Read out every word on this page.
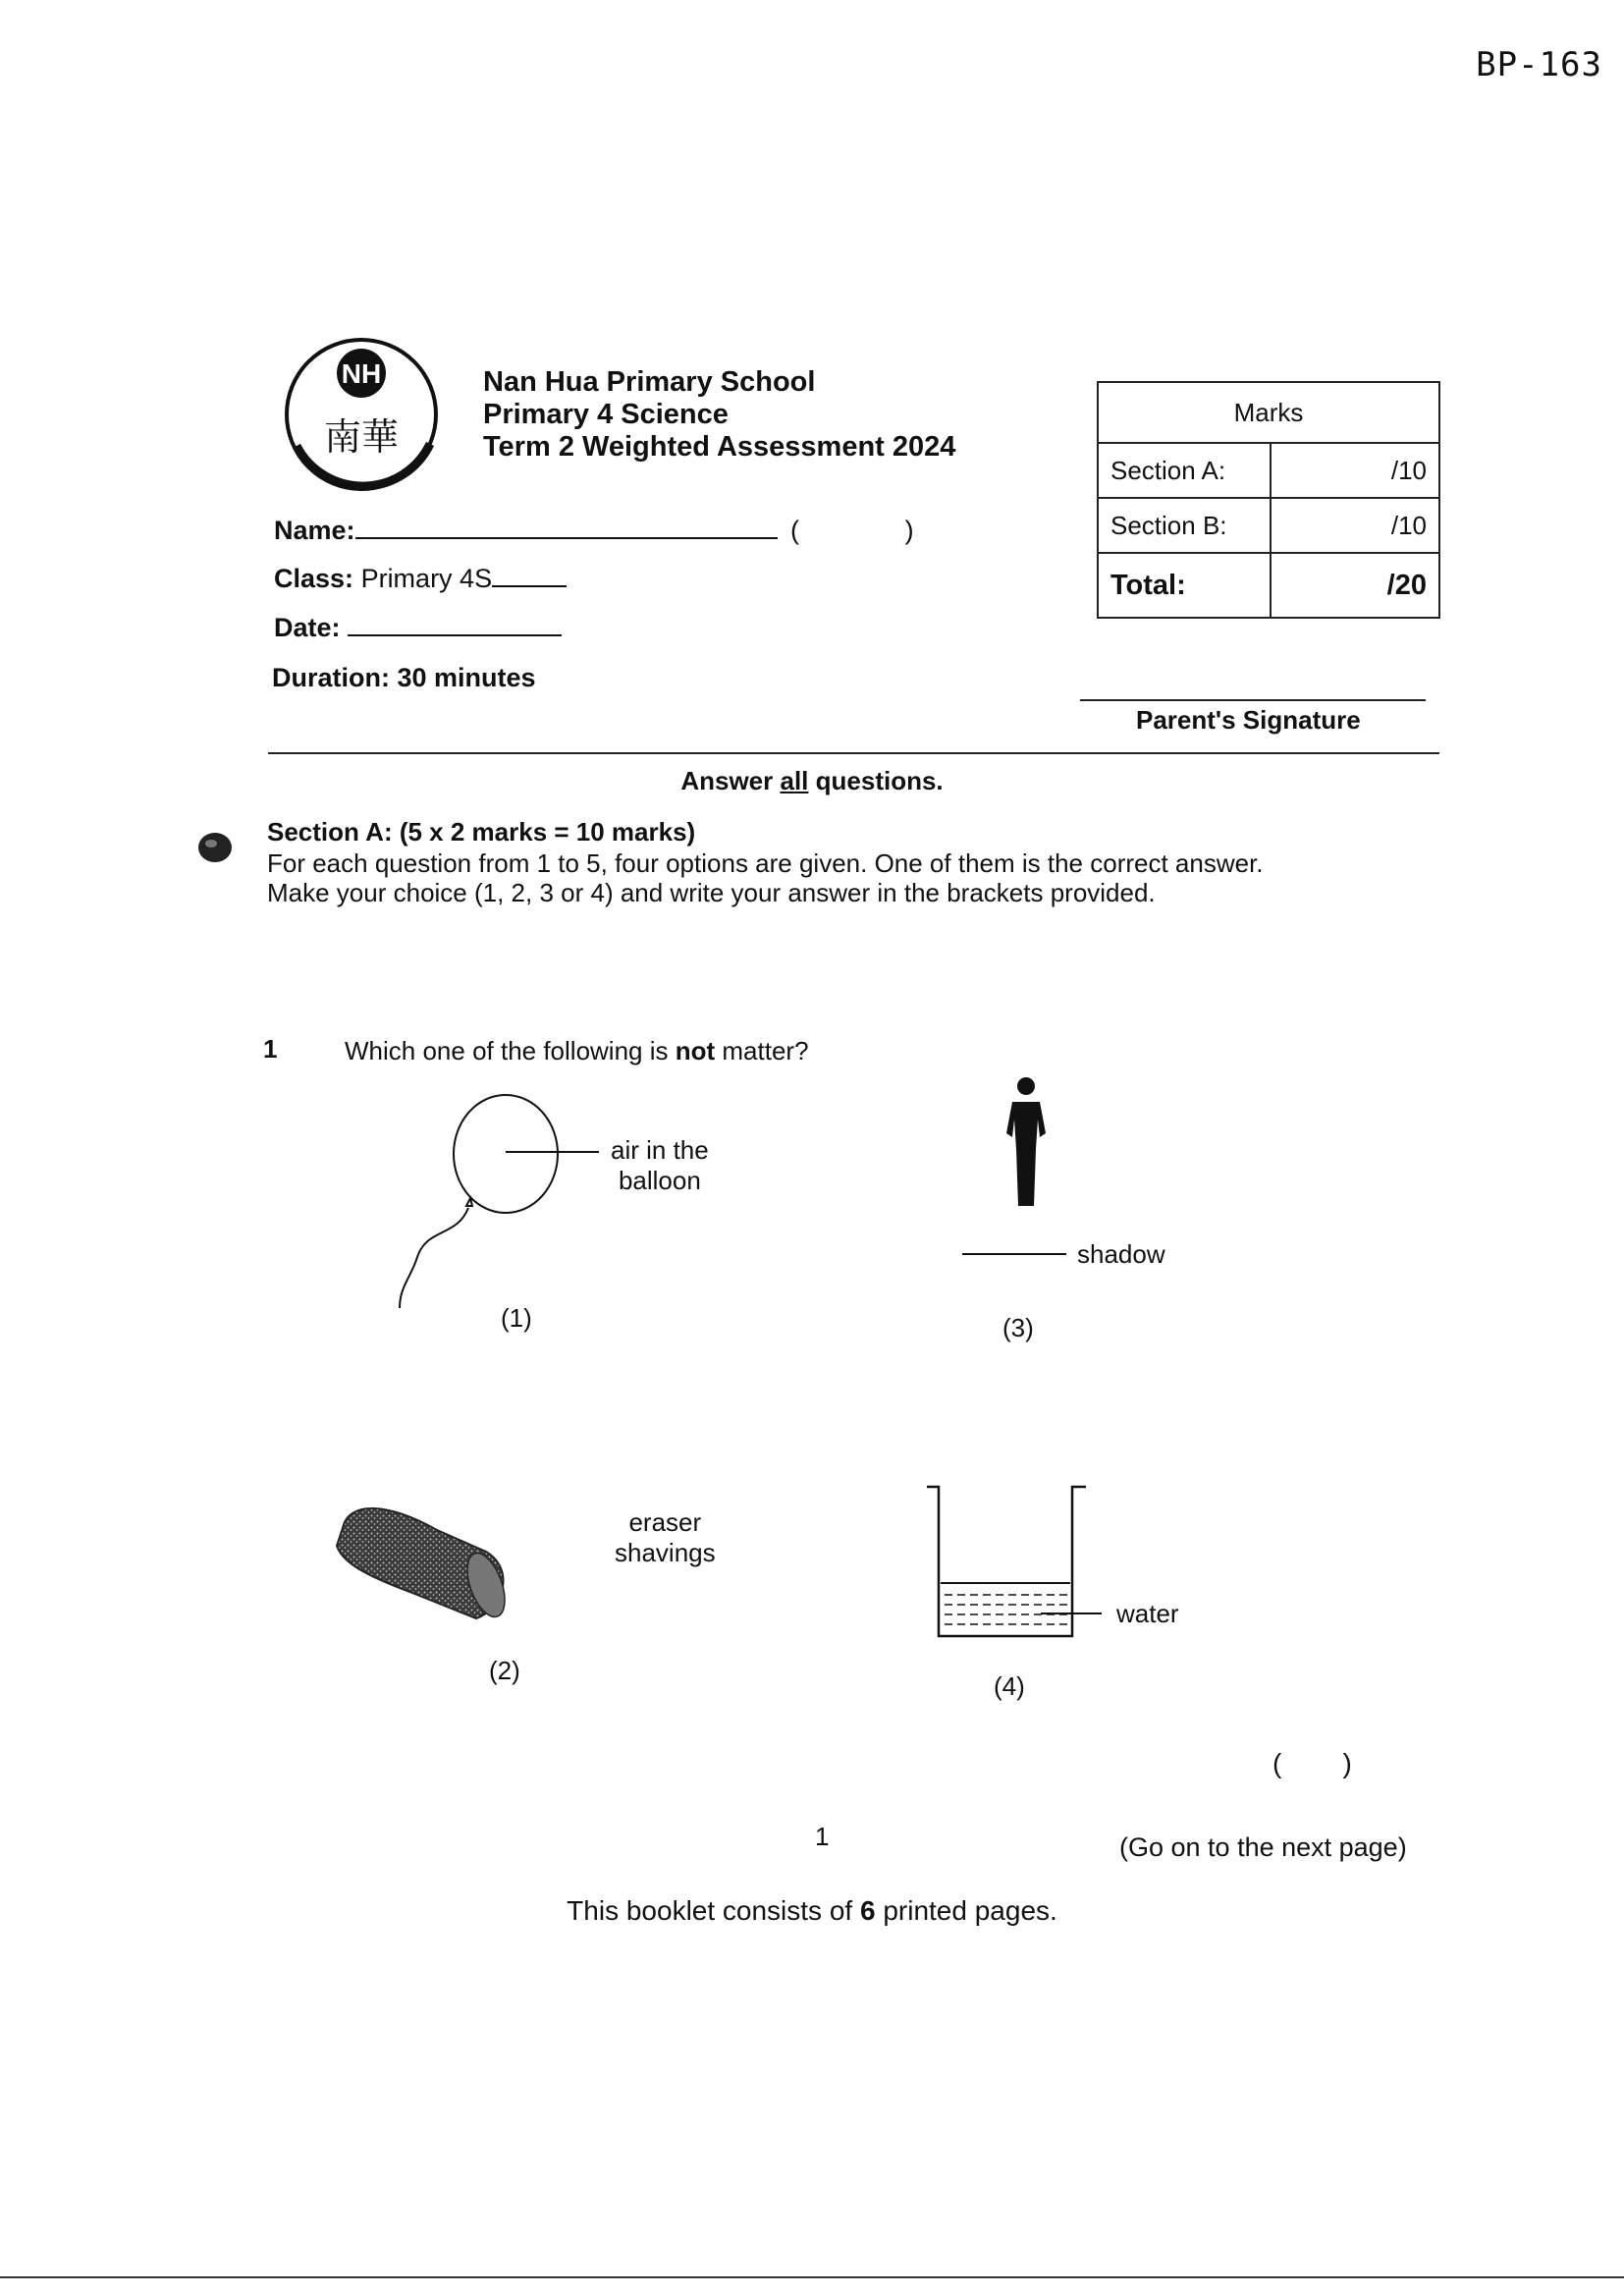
BP-163
NH
南華
Nan Hua Primary School
Primary 4 Science
Term 2 Weighted Assessment 2024
Name:	(	)
Class: Primary 4S
Date:
Duration: 30 minutes
Marks	
Section A:	/10
Section B:	/10
Total:	/20
Parent's Signature
Answer all questions.
Section A: (5 x 2 marks = 10 marks)
For each question from 1 to 5, four options are given. One of them is the correct answer.
Make your choice (1, 2, 3 or 4) and write your answer in the brackets provided.
1	Which one of the following is not matter?
air in the
balloon
(1)
shadow
(3)
eraser
shavings
(2)
water
(4)
(        )
1	(Go on to the next page)
This booklet consists of 6 printed pages.
